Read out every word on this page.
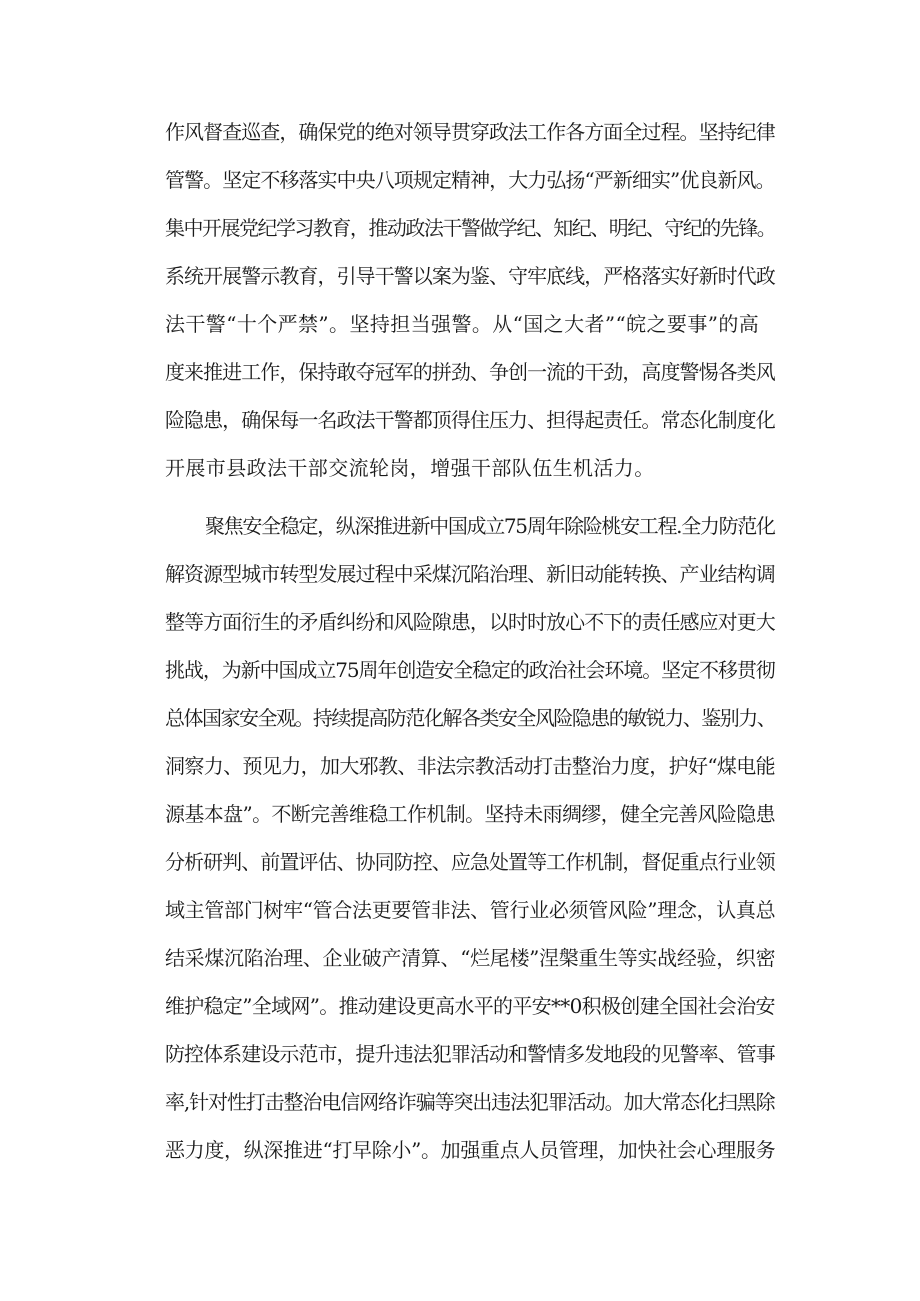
作风督查巡查，确保党的绝对领导贯穿政法工作各方面全过程。坚持纪律
管警。坚定不移落实中央八项规定精神，大力弘扬“严新细实”优良新风。
集中开展党纪学习教育，推动政法干警做学纪、知纪、明纪、守纪的先锋。
系统开展警示教育，引导干警以案为鉴、守牢底线，严格落实好新时代政
法干警“十个严禁”。坚持担当强警。从“国之大者”“皖之要事”的高
度来推进工作，保持敢夺冠军的拼劲、争创一流的干劲，高度警惕各类风
险隐患，确保每一名政法干警都顶得住压力、担得起责任。常态化制度化
开展市县政法干部交流轮岗，增强干部队伍生机活力。
聚焦安全稳定，纵深推进新中国成立75周年除险桃安工程.全力防范化
解资源型城市转型发展过程中采煤沉陷治理、新旧动能转换、产业结构调
整等方面衍生的矛盾纠纷和风险隙患，以时时放心不下的责任感应对更大
挑战，为新中国成立75周年创造安全稳定的政治社会环境。坚定不移贯彻
总体国家安全观。持续提高防范化解各类安全风险隐患的敏锐力、鉴别力、
洞察力、预见力，加大邪教、非法宗教活动打击整治力度，护好“煤电能
源基本盘”。不断完善维稳工作机制。坚持未雨绸缪，健全完善风险隐患
分析研判、前置评估、协同防控、应急处置等工作机制，督促重点行业领
域主管部门树牢“管合法更要管非法、管行业必须管风险”理念，认真总
结采煤沉陷治理、企业破产清算、“烂尾楼”涅槃重生等实战经验，织密
维护稳定”全域网”。推动建设更高水平的平安**0积极创建全国社会治安
防控体系建设示范市，提升违法犯罪活动和警情多发地段的见警率、管事
率,针对性打击整治电信网络诈骗等突出违法犯罪活动。加大常态化扫黑除
恶力度，纵深推进“打早除小”。加强重点人员管理，加快社会心理服务
